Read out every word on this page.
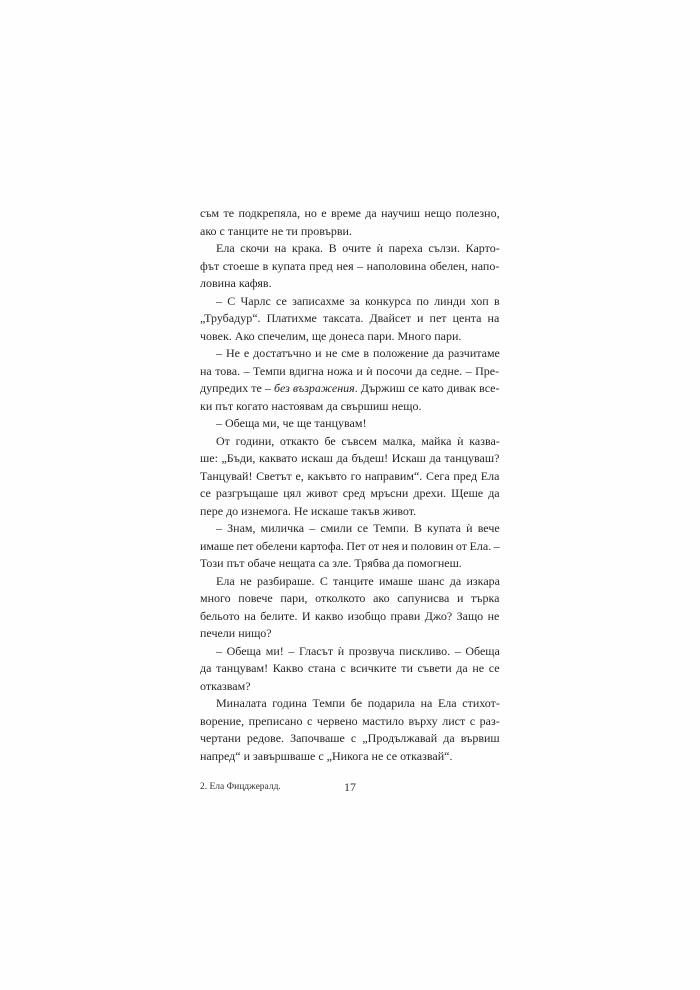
съм те подкрепяла, но е време да научиш нещо полезно,
ако с танците не ти провърви.
Ела скочи на крака. В очите ѝ пареха сълзи. Карто-
фът стоеше в купата пред нея – наполовина обелен, напо-
ловина кафяв.
– С Чарлс се записахме за конкурса по линди хоп в
„Трубадур“. Платихме таксата. Двайсет и пет цента на
човек. Ако спечелим, ще донеса пари. Много пари.
– Не е достатъчно и не сме в положение да разчитаме
на това. – Темпи вдигна ножа и ѝ посочи да седне. – Пре-
дупредих те – без възражения. Държиш се като дивак все-
ки път когато настоявам да свършиш нещо.
– Обеща ми, че ще танцувам!
От години, откакто бе съвсем малка, майка ѝ казва-
ше: „Бъди, каквато искаш да бъдеш! Искаш да танцуваш?
Танцувай! Светът е, какъвто го направим“. Сега пред Ела
се разгръщаше цял живот сред мръсни дрехи. Щеше да
пере до изнемога. Не искаше такъв живот.
– Знам, миличка – смили се Темпи. В купата ѝ вече
имаше пет обелени картофа. Пет от нея и половин от Ела. –
Този път обаче нещата са зле. Трябва да помогнеш.
Ела не разбираше. С танците имаше шанс да изкара
много повече пари, отколкото ако сапунисва и търка
бельото на белите. И какво изобщо прави Джо? Защо не
печели нищо?
– Обеща ми! – Гласът ѝ прозвуча пискливо. – Обеща
да танцувам! Какво стана с всичките ти съвети да не се
отказвам?
Миналата година Темпи бе подарила на Ела стихот-
ворение, преписано с червено мастило върху лист с раз-
чертани редове. Започваше с „Продължавай да вървиш
напред“ и завършваше с „Никога не се отказвай“.
2. Ела Фицджералд.	17
